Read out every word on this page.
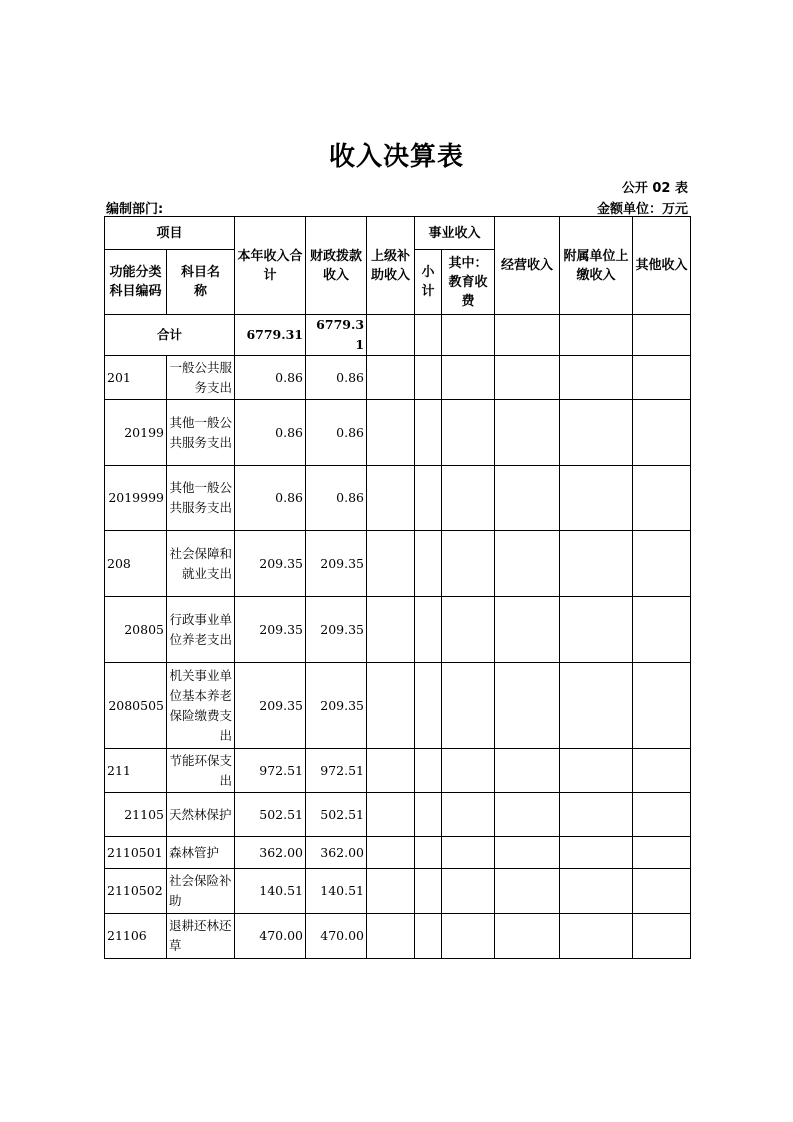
收入决算表
公开 02 表
编制部门:	金额单位：万元
项目		本年收入合计	财政拨款收入	上级补助收入	事业收入		经营收入	附属单位上缴收入	其他收入
功能分类科目编码	科目名称				小计	其中：教育收费			
合计		6779.31	6779.31						
201	一般公共服务支出	0.86	0.86						
20199	其他一般公共服务支出	0.86	0.86						
2019999	其他一般公共服务支出	0.86	0.86						
208	社会保障和就业支出	209.35	209.35						
20805	行政事业单位养老支出	209.35	209.35						
2080505	机关事业单位基本养老保险缴费支出	209.35	209.35						
211	节能环保支出	972.51	972.51						
21105	天然林保护	502.51	502.51						
2110501	森林管护	362.00	362.00						
2110502	社会保险补助	140.51	140.51						
21106	退耕还林还草	470.00	470.00						
